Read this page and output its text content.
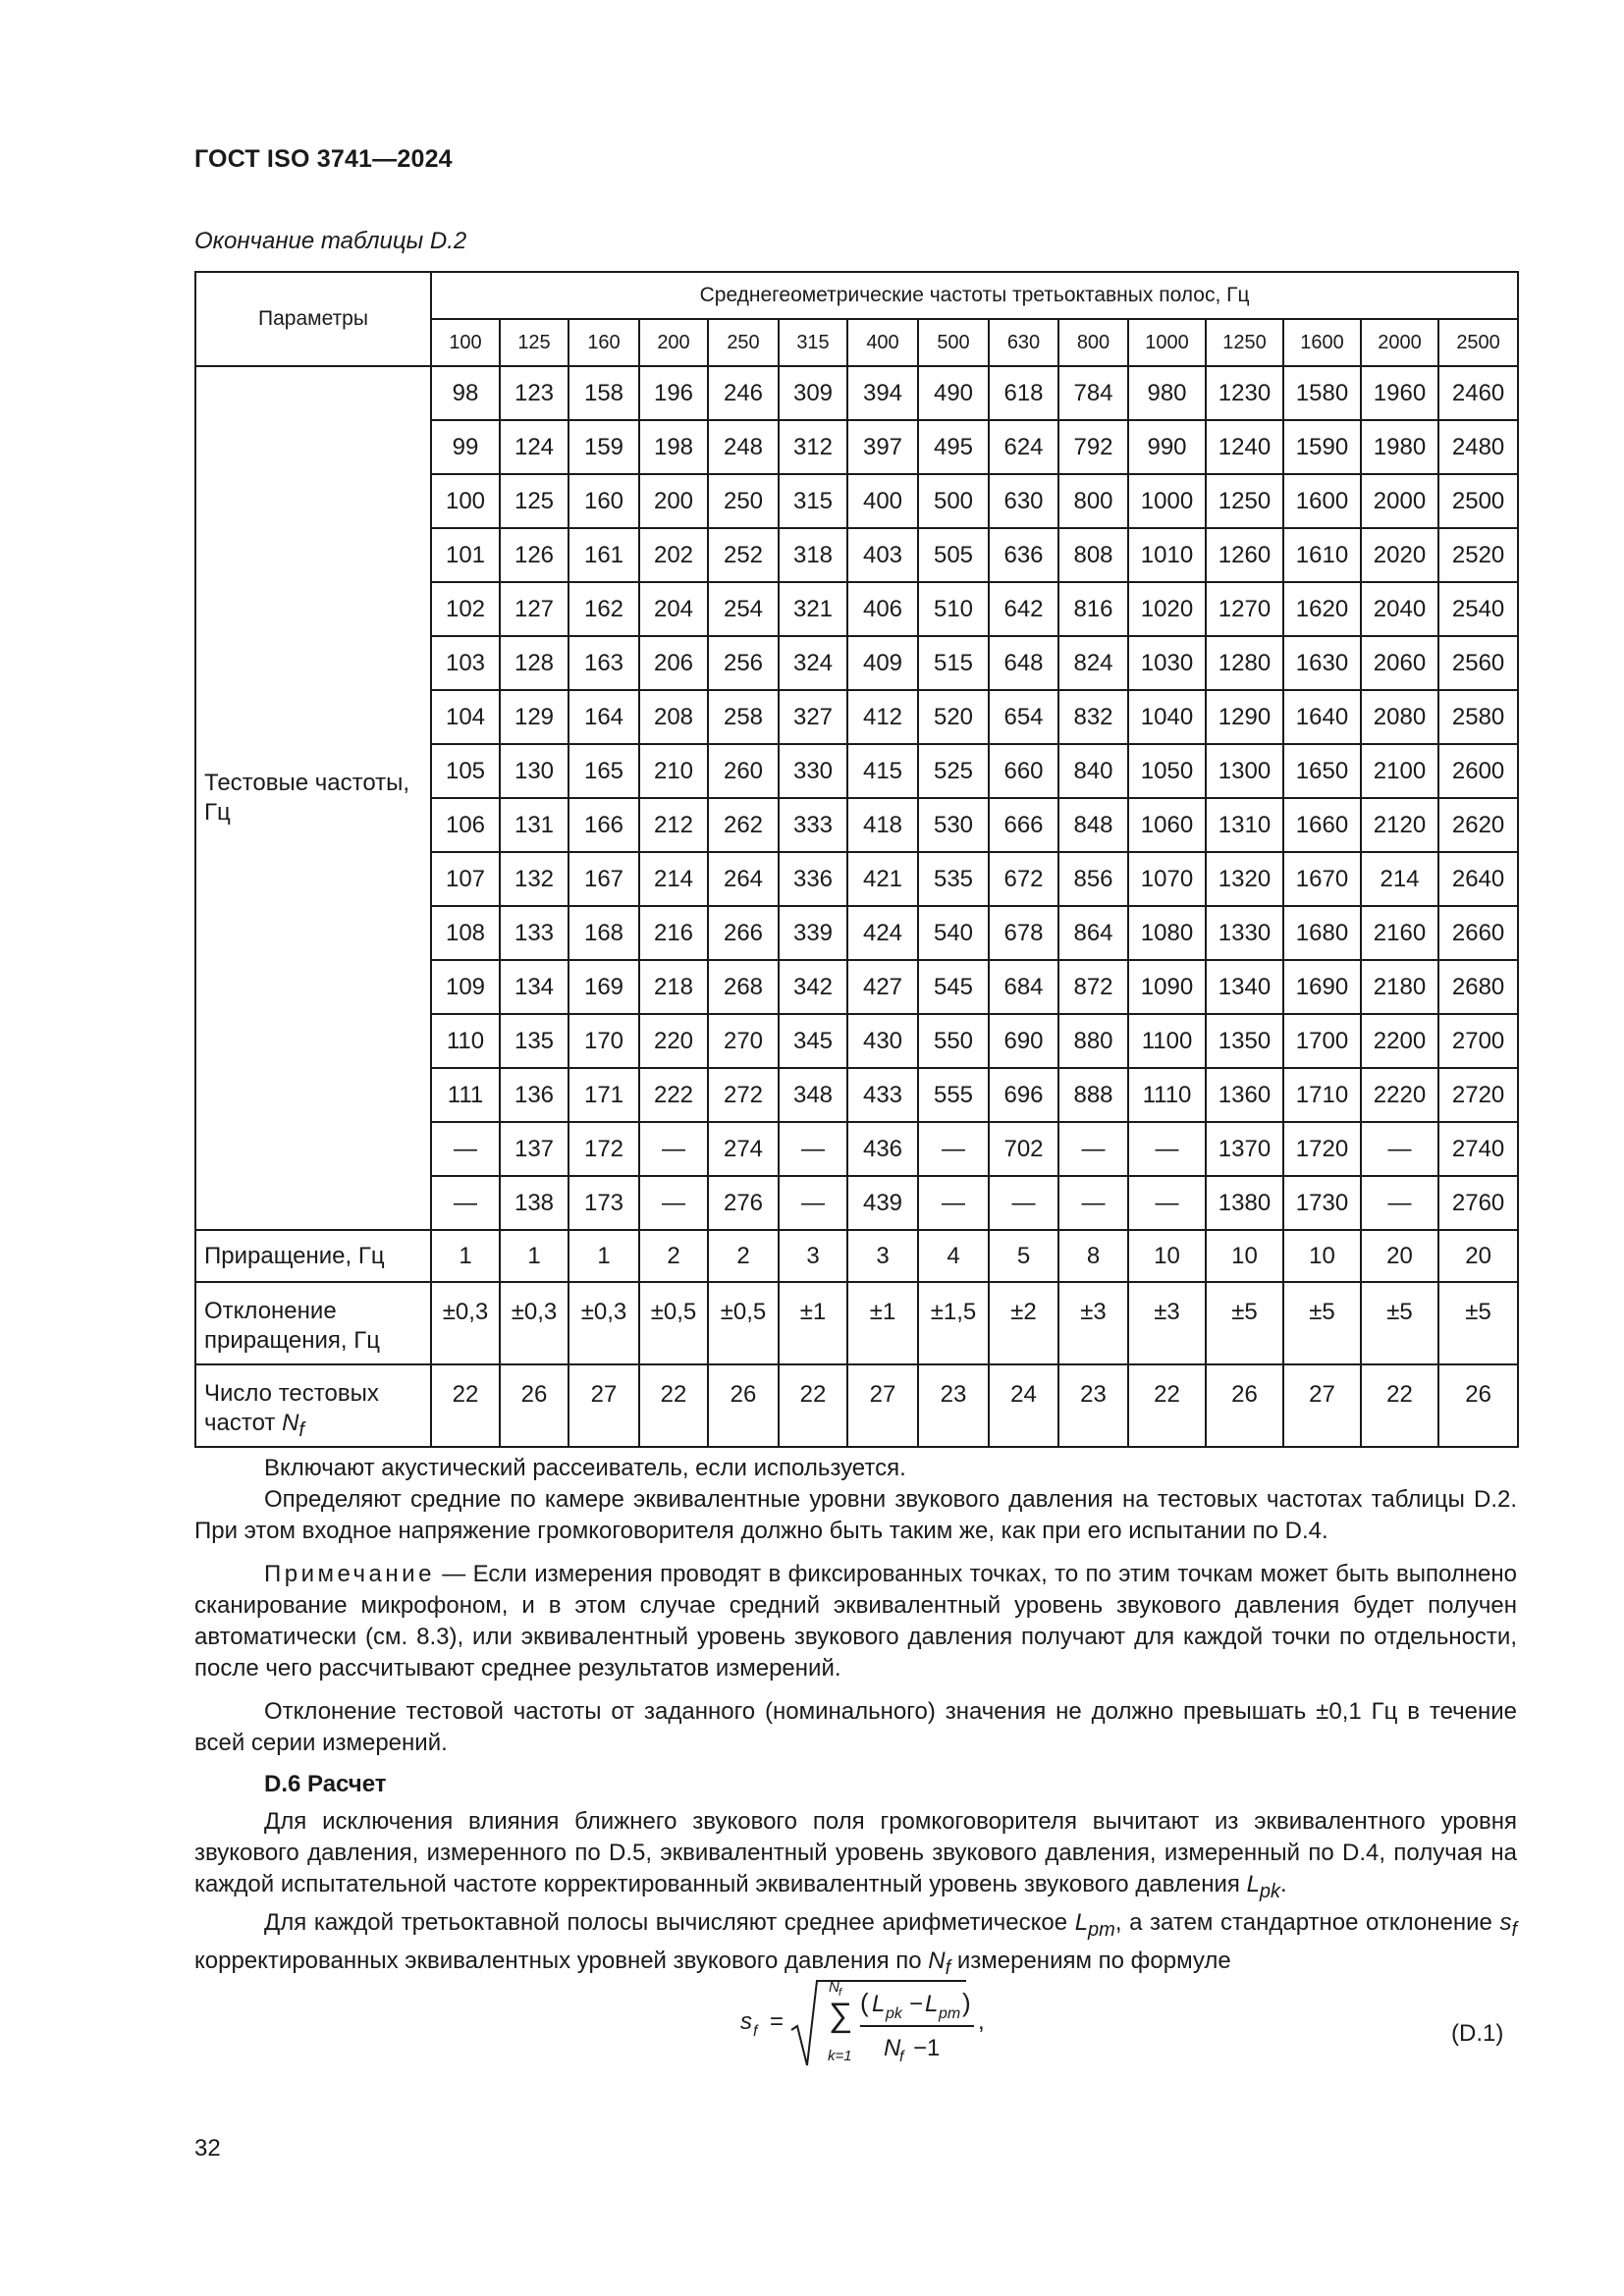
ГОСТ ISO 3741—2024
Окончание таблицы D.2
Параметры	Среднегеометрические частоты третьоктавных полос, Гц														
	100	125	160	200	250	315	400	500	630	800	1000	1250	1600	2000	2500
Тестовые частоты,
Гц	98	123	158	196	246	309	394	490	618	784	980	1230	1580	1960	2460
	99	124	159	198	248	312	397	495	624	792	990	1240	1590	1980	2480
	100	125	160	200	250	315	400	500	630	800	1000	1250	1600	2000	2500
	101	126	161	202	252	318	403	505	636	808	1010	1260	1610	2020	2520
	102	127	162	204	254	321	406	510	642	816	1020	1270	1620	2040	2540
	103	128	163	206	256	324	409	515	648	824	1030	1280	1630	2060	2560
	104	129	164	208	258	327	412	520	654	832	1040	1290	1640	2080	2580
	105	130	165	210	260	330	415	525	660	840	1050	1300	1650	2100	2600
	106	131	166	212	262	333	418	530	666	848	1060	1310	1660	2120	2620
	107	132	167	214	264	336	421	535	672	856	1070	1320	1670	214	2640
	108	133	168	216	266	339	424	540	678	864	1080	1330	1680	2160	2660
	109	134	169	218	268	342	427	545	684	872	1090	1340	1690	2180	2680
	110	135	170	220	270	345	430	550	690	880	1100	1350	1700	2200	2700
	111	136	171	222	272	348	433	555	696	888	1110	1360	1710	2220	2720
	—	137	172	—	274	—	436	—	702	—	—	1370	1720	—	2740
	—	138	173	—	276	—	439	—	—	—	—	1380	1730	—	2760
Приращение, Гц	1	1	1	2	2	3	3	4	5	8	10	10	10	20	20
Отклонение
приращения, Гц	±0,3	±0,3	±0,3	±0,5	±0,5	±1	±1	±1,5	±2	±3	±3	±5	±5	±5	±5
Число тестовых
частот $N_f$	22	26	27	22	26	22	27	23	24	23	22	26	27	22	26

Включают акустический рассеиватель, если используется.

Определяют средние по камере эквивалентные уровни звукового давления на тестовых частотах таблицы D.2. При этом входное напряжение громкоговорителя должно быть таким же, как при его испытании по D.4.

Примечание — Если измерения проводят в фиксированных точках, то по этим точкам может быть выполнено сканирование микрофоном, и в этом случае средний эквивалентный уровень звукового давления будет получен автоматически (см. 8.3), или эквивалентный уровень звукового давления получают для каждой точки по отдельности, после чего рассчитывают среднее результатов измерений.

Отклонение тестовой частоты от заданного (номинального) значения не должно превышать ±0,1 Гц в течение всей серии измерений.

D.6 Расчет

Для исключения влияния ближнего звукового поля громкоговорителя вычитают из эквивалентного уровня звукового давления, измеренного по D.5, эквивалентный уровень звукового давления, измеренный по D.4, получая на каждой испытательной частоте корректированный эквивалентный уровень звукового давления $L_{pk}$.

Для каждой третьоктавной полосы вычисляют среднее арифметическое $L_{pm}$, а затем стандартное отклонение $s_f$ корректированных эквивалентных уровней звукового давления по $N_f$ измерениям по формуле

s f = ∑
N f
k=1
( L pk − L pm )
N
f −1
,	(D.1)
32
